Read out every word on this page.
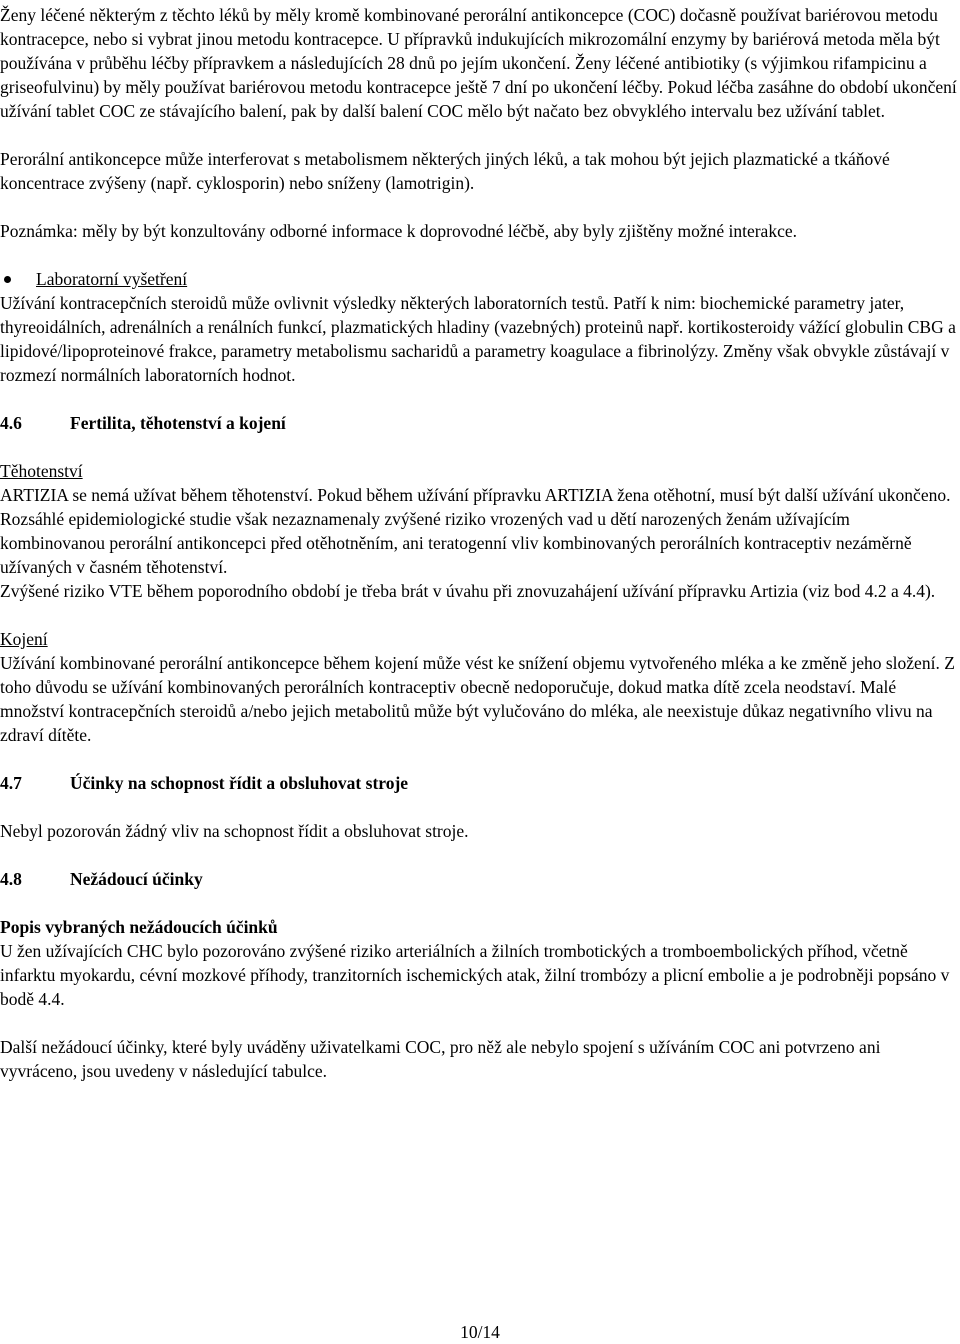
Ženy léčené některým z těchto léků by měly kromě kombinované perorální antikoncepce (COC) dočasně používat bariérovou metodu kontracepce, nebo si vybrat jinou metodu kontracepce. U přípravků indukujících mikrozomální enzymy by bariérová metoda měla být používána v průběhu léčby přípravkem a následujících 28 dnů po jejím ukončení. Ženy léčené antibiotiky (s výjimkou rifampicinu a griseofulvinu) by měly používat bariérovou metodu kontracepce ještě 7 dní po ukončení léčby. Pokud léčba zasáhne do období ukončení užívání tablet COC ze stávajícího balení, pak by další balení COC mělo být načato bez obvyklého intervalu bez užívání tablet.

Perorální antikoncepce může interferovat s metabolismem některých jiných léků, a tak mohou být jejich plazmatické a tkáňové koncentrace zvýšeny (např. cyklosporin) nebo sníženy (lamotrigin).

Poznámka: měly by být konzultovány odborné informace k doprovodné léčbě, aby byly zjištěny možné interakce.

Laboratorní vyšetření

Užívání kontracepčních steroidů může ovlivnit výsledky některých laboratorních testů. Patří k nim: biochemické parametry jater, thyreoidálních, adrenálních a renálních funkcí, plazmatických hladiny (vazebných) proteinů např. kortikosteroidy vážící globulin CBG a lipidové/lipoproteinové frakce, parametry metabolismu sacharidů a parametry koagulace a fibrinolýzy. Změny však obvykle zůstávají v rozmezí normálních laboratorních hodnot.

4.6	Fertilita, těhotenství a kojení

Těhotenství

ARTIZIA se nemá užívat během těhotenství. Pokud během užívání přípravku ARTIZIA žena otěhotní, musí být další užívání ukončeno. Rozsáhlé epidemiologické studie však nezaznamenaly zvýšené riziko vrozených vad u dětí narozených ženám užívajícím kombinovanou perorální antikoncepci před otěhotněním, ani teratogenní vliv kombinovaných perorálních kontraceptiv nezáměrně užívaných v časném těhotenství.

Zvýšené riziko VTE během poporodního období je třeba brát v úvahu při znovuzahájení užívání přípravku Artizia (viz bod 4.2 a 4.4).

Kojení

Užívání kombinované perorální antikoncepce během kojení může vést ke snížení objemu vytvořeného mléka a ke změně jeho složení. Z toho důvodu se užívání kombinovaných perorálních kontraceptiv obecně nedoporučuje, dokud matka dítě zcela neodstaví. Malé množství kontracepčních steroidů a/nebo jejich metabolitů může být vylučováno do mléka, ale neexistuje důkaz negativního vlivu na zdraví dítěte.

4.7	Účinky na schopnost řídit a obsluhovat stroje

Nebyl pozorován žádný vliv na schopnost řídit a obsluhovat stroje.

4.8	Nežádoucí účinky

Popis vybraných nežádoucích účinků

U žen užívajících CHC bylo pozorováno zvýšené riziko arteriálních a žilních trombotických a tromboembolických příhod, včetně infarktu myokardu, cévní mozkové příhody, tranzitorních ischemických atak, žilní trombózy a plicní embolie a je podrobněji popsáno v bodě 4.4.

Další nežádoucí účinky, které byly uváděny uživatelkami COC, pro něž ale nebylo spojení s užíváním COC ani potvrzeno ani vyvráceno, jsou uvedeny v následující tabulce.

10/14
